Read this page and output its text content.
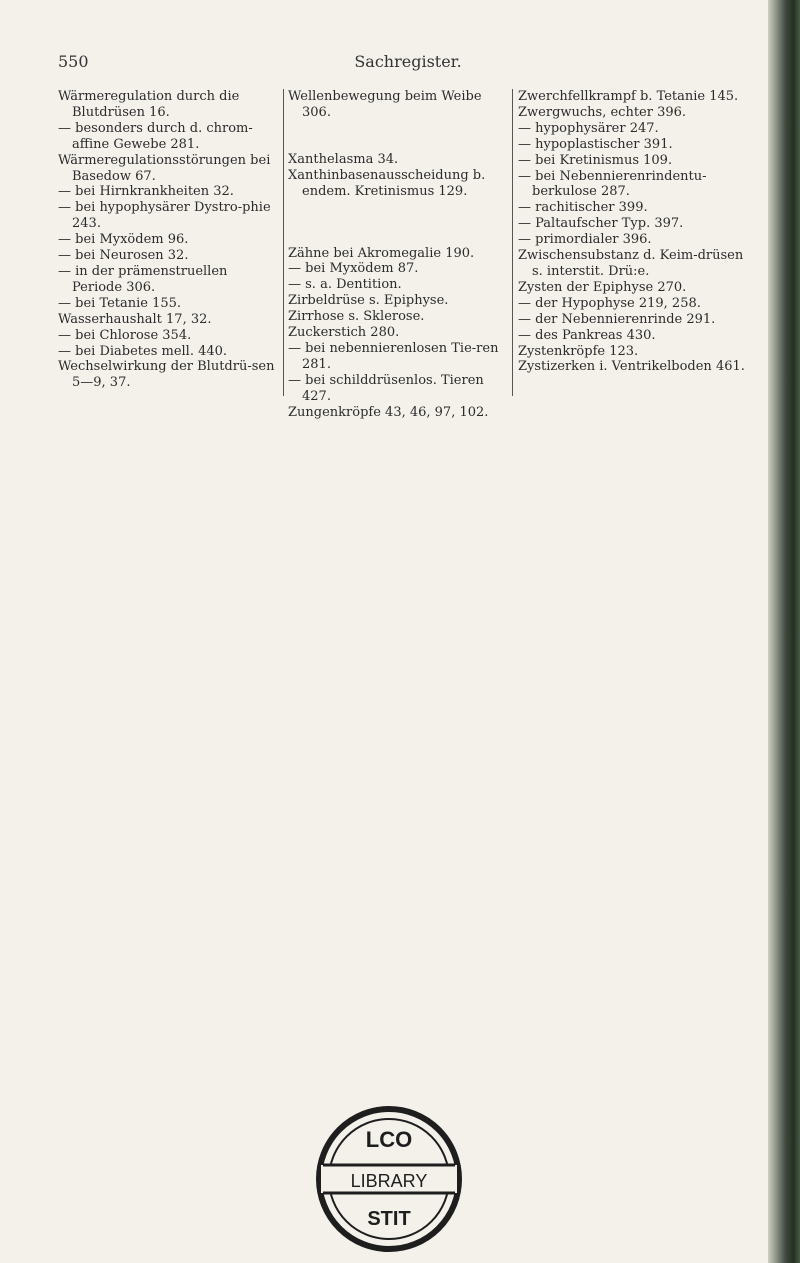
550	Sachregister.
Wärmeregulation durch die Blutdrüsen 16.
— besonders durch d. chrom-affine Gewebe 281.
Wärmeregulationsstörungen bei Basedow 67.
— bei Hirnkrankheiten 32.
— bei hypophysärer Dystro-phie 243.
— bei Myxödem 96.
— bei Neurosen 32.
— in der prämenstruellen Periode 306.
— bei Tetanie 155.
Wasserhaushalt 17, 32.
— bei Chlorose 354.
— bei Diabetes mell. 440.
Wechselwirkung der Blutdrü-sen 5—9, 37.
Wellenbewegung beim Weibe 306.
Xanthelasma 34.
Xanthinbasenausscheidung b. endem. Kretinismus 129.
Zähne bei Akromegalie 190.
— bei Myxödem 87.
— s. a. Dentition.
Zirbeldrüse s. Epiphyse.
Zirrhose s. Sklerose.
Zuckerstich 280.
— bei nebennierenlosen Tie-ren 281.
— bei schilddrüsenlos. Tieren 427.
Zungenkröpfe 43, 46, 97, 102.
Zwerchfellkrampf b. Tetanie 145.
Zwergwuchs, echter 396.
— hypophysärer 247.
— hypoplastischer 391.
— bei Kretinismus 109.
— bei Nebennierenrindentu-berkulose 287.
— rachitischer 399.
— Paltaufscher Typ. 397.
— primordialer 396.
Zwischensubstanz d. Keim-drüsen s. interstit. Drü:e.
Zysten der Epiphyse 270.
— der Hypophyse 219, 258.
— der Nebennierenrinde 291.
— des Pankreas 430.
Zystenkröpfe 123.
Zystizerken i. Ventrikelboden 461.
LCO
LIBRARY
STIT
